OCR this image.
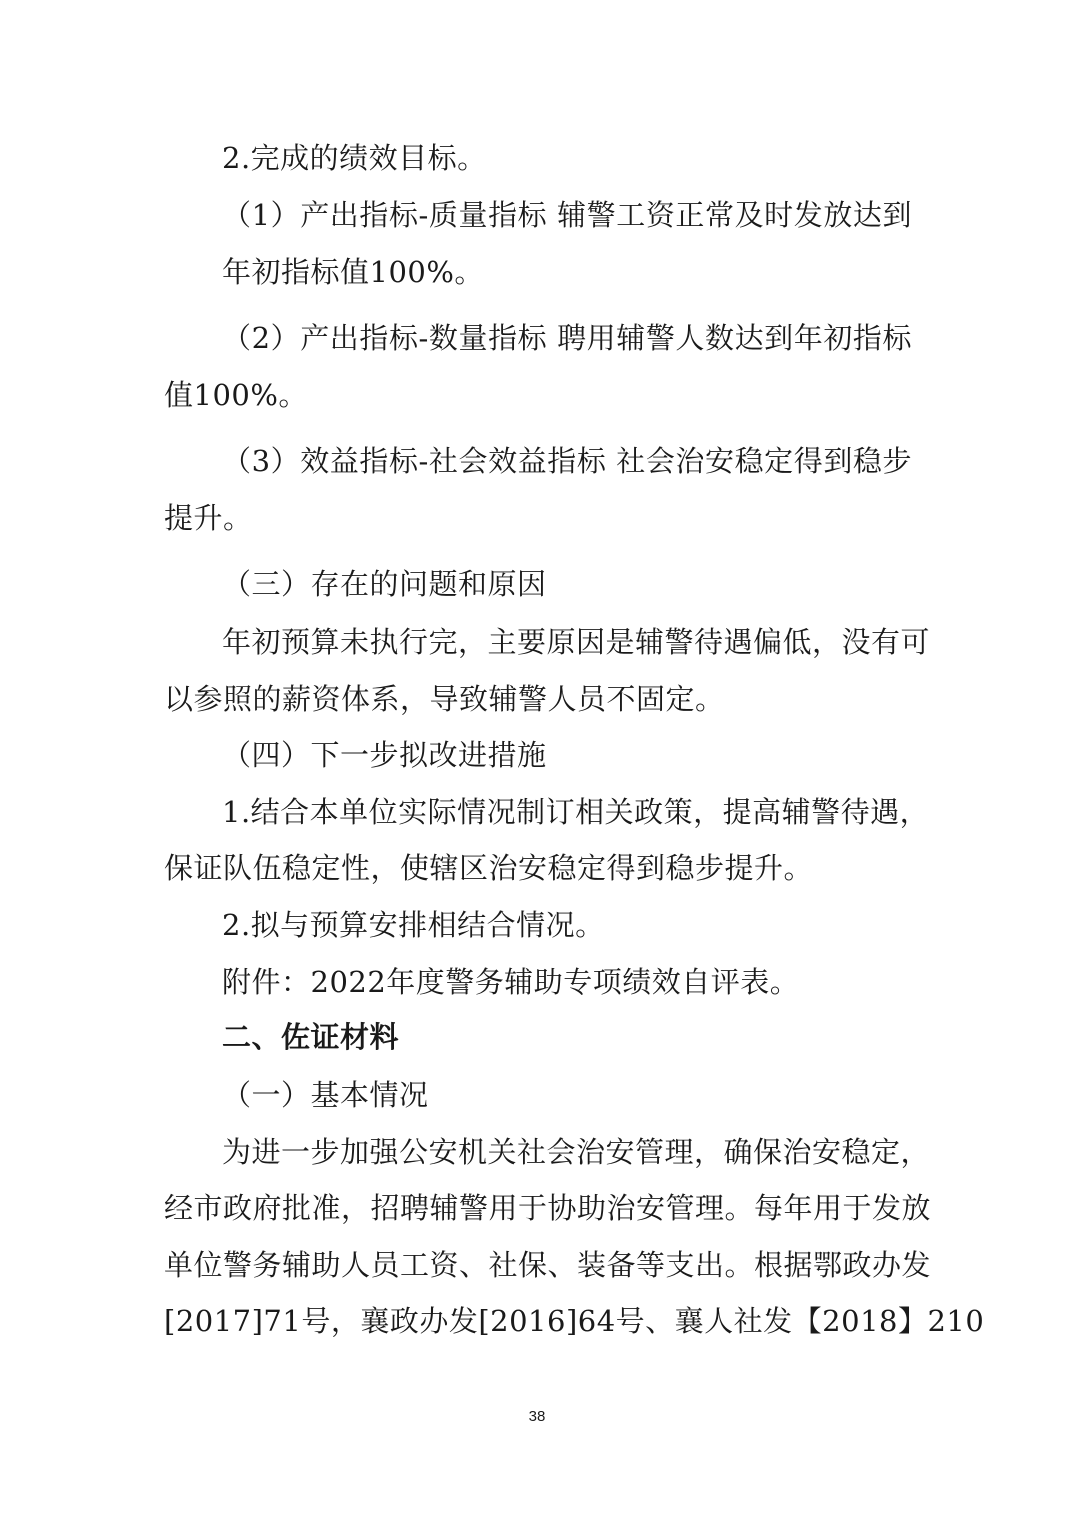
2.完成的绩效目标。
（1）产出指标-质量指标 辅警工资正常及时发放达到
年初指标值100%。
（2）产出指标-数量指标 聘用辅警人数达到年初指标
值100%。
（3）效益指标-社会效益指标 社会治安稳定得到稳步
提升。
（三）存在的问题和原因
年初预算未执行完，主要原因是辅警待遇偏低，没有可
以参照的薪资体系，导致辅警人员不固定。
（四）下一步拟改进措施
1.结合本单位实际情况制订相关政策，提高辅警待遇，
保证队伍稳定性，使辖区治安稳定得到稳步提升。
2.拟与预算安排相结合情况。
附件：2022年度警务辅助专项绩效自评表。
二、佐证材料
（一）基本情况
为进一步加强公安机关社会治安管理，确保治安稳定，
经市政府批准，招聘辅警用于协助治安管理。每年用于发放
单位警务辅助人员工资、社保、装备等支出。根据鄂政办发
[2017]71号，襄政办发[2016]64号、襄人社发【2018】210
38
